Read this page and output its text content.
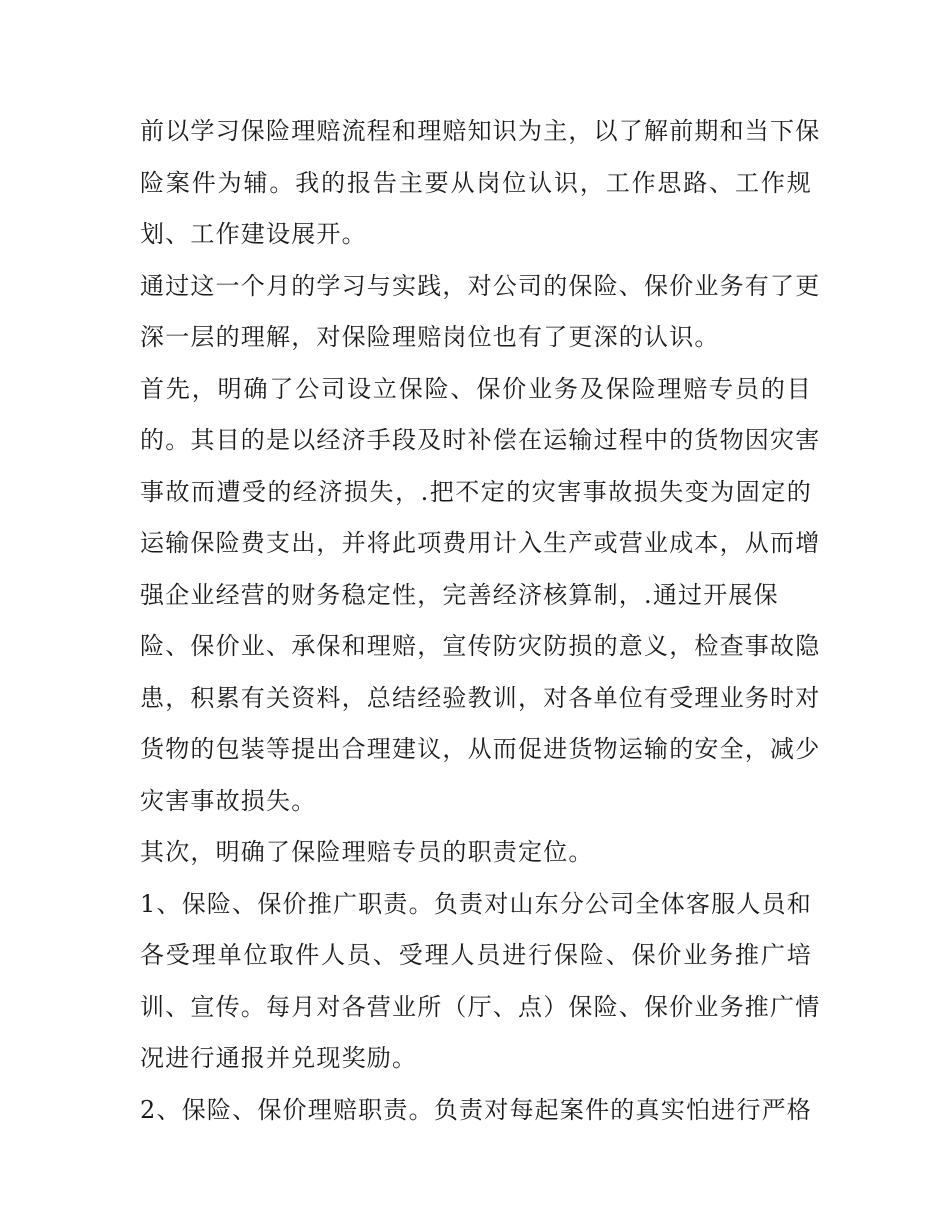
前以学习保险理赔流程和理赔知识为主，以了解前期和当下保
险案件为辅。我的报告主要从岗位认识，工作思路、工作规
划、工作建设展开。
通过这一个月的学习与实践，对公司的保险、保价业务有了更
深一层的理解，对保险理赔岗位也有了更深的认识。
首先，明确了公司设立保险、保价业务及保险理赔专员的目
的。其目的是以经济手段及时补偿在运输过程中的货物因灾害
事故而遭受的经济损失，.把不定的灾害事故损失变为固定的
运输保险费支出，并将此项费用计入生产或营业成本，从而增
强企业经营的财务稳定性，完善经济核算制，.通过开展保
险、保价业、承保和理赔，宣传防灾防损的意义，检查事故隐
患，积累有关资料，总结经验教训，对各单位有受理业务时对
货物的包装等提出合理建议，从而促进货物运输的安全，减少
灾害事故损失。
其次，明确了保险理赔专员的职责定位。
1、保险、保价推广职责。负责对山东分公司全体客服人员和
各受理单位取件人员、受理人员进行保险、保价业务推广培
训、宣传。每月对各营业所（厅、点）保险、保价业务推广情
况进行通报并兑现奖励。
2、保险、保价理赔职责。负责对每起案件的真实怕进行严格
